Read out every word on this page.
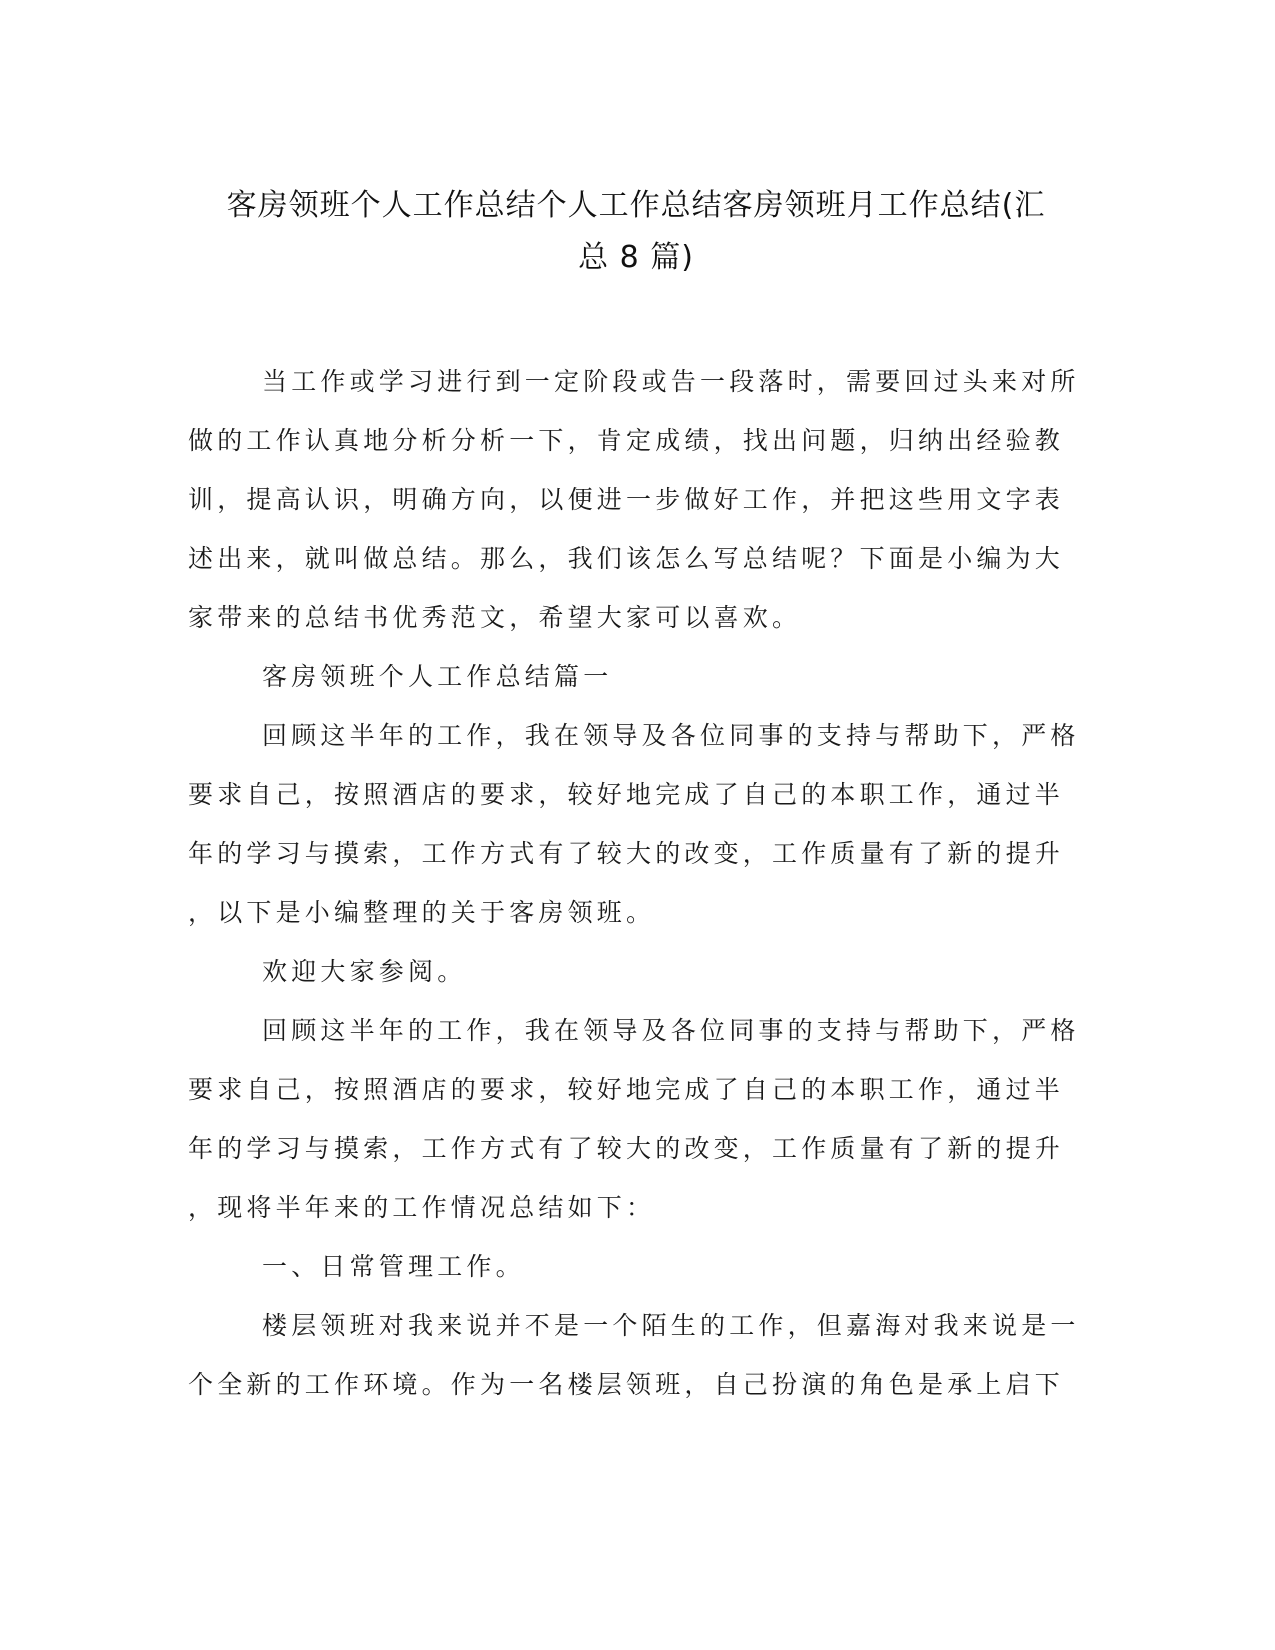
客房领班个人工作总结个人工作总结客房领班月工作总结(汇
总 8 篇)
当工作或学习进行到一定阶段或告一段落时，需要回过头来对所
做的工作认真地分析分析一下，肯定成绩，找出问题，归纳出经验教
训，提高认识，明确方向，以便进一步做好工作，并把这些用文字表
述出来，就叫做总结。那么，我们该怎么写总结呢？下面是小编为大
家带来的总结书优秀范文，希望大家可以喜欢。
客房领班个人工作总结篇一
回顾这半年的工作，我在领导及各位同事的支持与帮助下，严格
要求自己，按照酒店的要求，较好地完成了自己的本职工作，通过半
年的学习与摸索，工作方式有了较大的改变，工作质量有了新的提升
，以下是小编整理的关于客房领班。
欢迎大家参阅。
回顾这半年的工作，我在领导及各位同事的支持与帮助下，严格
要求自己，按照酒店的要求，较好地完成了自己的本职工作，通过半
年的学习与摸索，工作方式有了较大的改变，工作质量有了新的提升
，现将半年来的工作情况总结如下：
一、日常管理工作。
楼层领班对我来说并不是一个陌生的工作，但嘉海对我来说是一
个全新的工作环境。作为一名楼层领班，自己扮演的角色是承上启下
